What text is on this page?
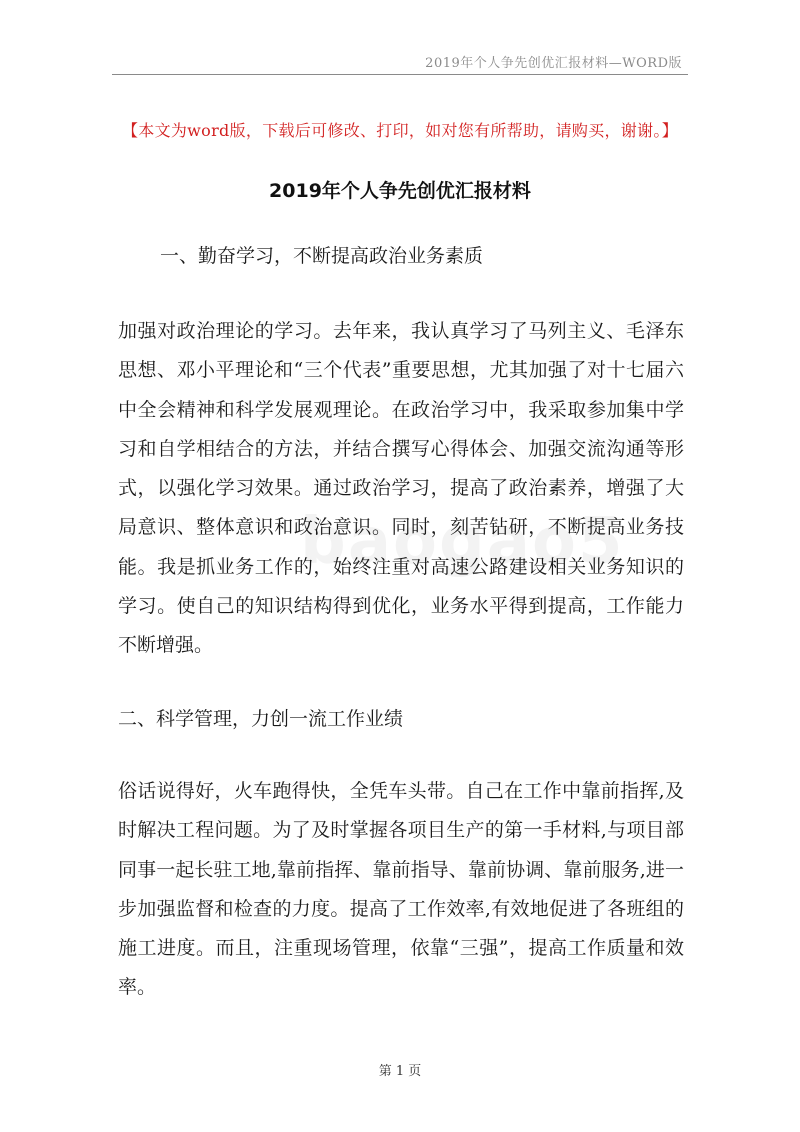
2019年个人争先创优汇报材料—WORD版
【本文为word版，下载后可修改、打印，如对您有所帮助，请购买，谢谢。】
2019年个人争先创优汇报材料
一、勤奋学习，不断提高政治业务素质

加强对政治理论的学习。去年来，我认真学习了马列主义、毛泽东思想、邓小平理论和“三个代表”重要思想，尤其加强了对十七届六中全会精神和科学发展观理论。在政治学习中，我采取参加集中学习和自学相结合的方法，并结合撰写心得体会、加强交流沟通等形式，以强化学习效果。通过政治学习，提高了政治素养，增强了大局意识、整体意识和政治意识。同时，刻苦钻研，不断提高业务技能。我是抓业务工作的，始终注重对高速公路建设相关业务知识的学习。使自己的知识结构得到优化，业务水平得到提高，工作能力不断增强。

二、科学管理，力创一流工作业绩

俗话说得好，火车跑得快，全凭车头带。自己在工作中靠前指挥,及时解决工程问题。为了及时掌握各项目生产的第一手材料,与项目部同事一起长驻工地,靠前指挥、靠前指导、靠前协调、靠前服务,进一步加强监督和检查的力度。提高了工作效率,有效地促进了各班组的施工进度。而且，注重现场管理，依靠“三强”，提高工作质量和效率。

第 1 页
